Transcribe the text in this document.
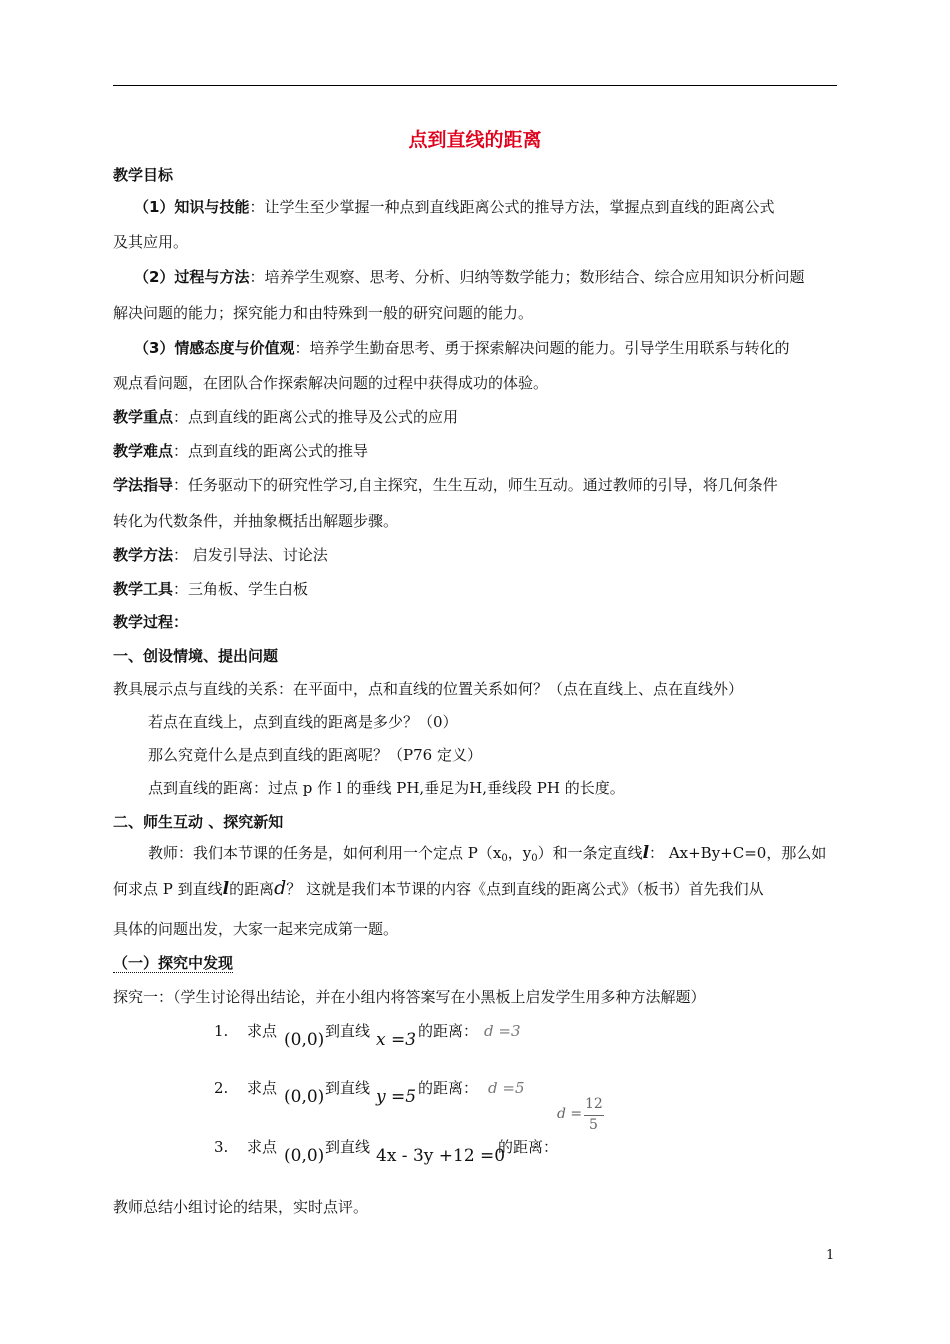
点到直线的距离
教学目标
（1）知识与技能：让学生至少掌握一种点到直线距离公式的推导方法，掌握点到直线的距离公式
及其应用。
（2）过程与方法：培养学生观察、思考、分析、归纳等数学能力；数形结合、综合应用知识分析问题
解决问题的能力；探究能力和由特殊到一般的研究问题的能力。
（3）情感态度与价值观：培养学生勤奋思考、勇于探索解决问题的能力。引导学生用联系与转化的
观点看问题，在团队合作探索解决问题的过程中获得成功的体验。
教学重点：点到直线的距离公式的推导及公式的应用
教学难点：点到直线的距离公式的推导
学法指导：任务驱动下的研究性学习,自主探究，生生互动，师生互动。通过教师的引导，将几何条件
转化为代数条件，并抽象概括出解题步骤。
教学方法： 启发引导法、讨论法
教学工具：三角板、学生白板
教学过程：
一、创设情境、提出问题
教具展示点与直线的关系：在平面中，点和直线的位置关系如何？（点在直线上、点在直线外）
若点在直线上，点到直线的距离是多少？（0）
那么究竟什么是点到直线的距离呢？（P76 定义）
点到直线的距离：过点 p 作 l 的垂线 PH,垂足为H,垂线段 PH 的长度。
二、师生互动 、探究新知
教师：我们本节课的任务是，如何利用一个定点 $P(x_0$，$y_0$）和一条定直线l： Ax+By+C=0，那么如
何求点 P 到直线l的距离d？ 这就是我们本节课的内容《点到直线的距离公式》（板书）首先我们从
具体的问题出发，大家一起来完成第一题。
（一）探究中发现
探究一：（学生讨论得出结论，并在小组内将答案写在小黑板上启发学生用多种方法解题）
1. 求点 (0,0) 到直线 x =3 的距离： d =3
2. 求点 (0,0) 到直线 y =5 的距离： d =5
d =
12
5
3. 求点 (0,0) 到直线 4x - 3y +12 =0
的距离：
教师总结小组讨论的结果，实时点评。
1
